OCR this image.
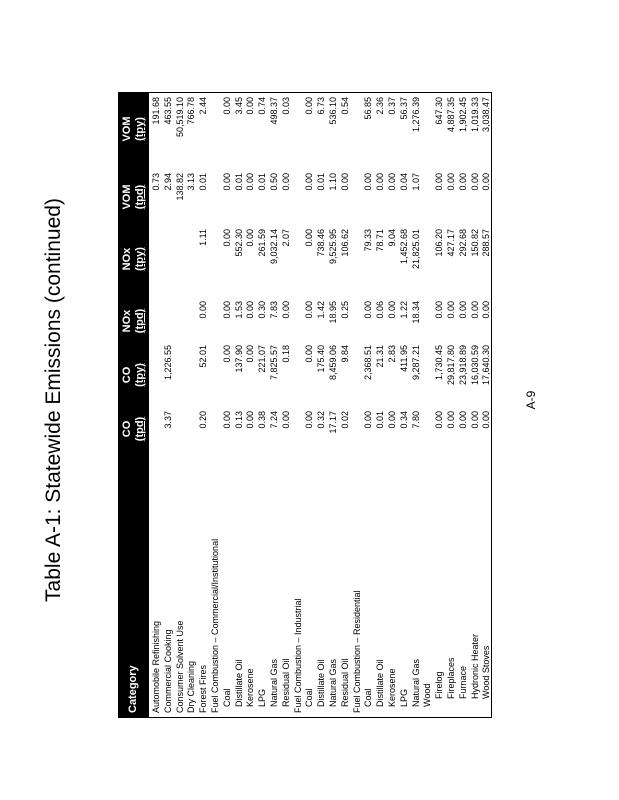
Table A-1: Statewide Emissions (continued)
Category
CO (tpd)
CO (tpy)
NOx (tpd)
NOx (tpy)
VOM (tpd)
VOM (tpy)
Automobile Refinishing
0.73
191.68
Commercial Cooking
3.37
1,226.55
2.94
463.55
Consumer Solvent Use
138.82
50,519.10
Dry Cleaning
3.13
766.78
Forest Fires
0.20
52.01
0.00
1.11
0.01
2.44
Fuel Combustion – Commercial/Institutional Coal
0.00
0.00
0.00
0.00
0.00
0.00
Distillate Oil
0.13
137.90
1.53
552.30
0.01
3.45
Kerosene
0.00
0.00
0.00
0.00
0.00
0.00
LPG
0.38
221.07
0.30
261.59
0.01
0.74
Natural Gas
7.24
7,825.57
7.83
9,032.14
0.50
498.37
Residual Oil
0.00
0.18
0.00
2.07
0.00
0.03
Fuel Combustion – Industrial Coal
0.00
0.00
0.00
0.00
0.00
0.00
Distillate Oil
0.32
175.40
1.42
738.46
0.01
6.73
Natural Gas
17.17
8,459.06
18.95
9,525.95
1.10
536.10
Residual Oil
0.02
9.84
0.25
106.62
0.00
0.54
Fuel Combustion – Residential Coal
0.00
2,368.51
0.00
79.33
0.00
56.85
Distillate Oil
0.01
21.31
0.06
78.71
0.00
2.36
Kerosene
0.00
2.83
0.00
9.04
0.00
0.37
LPG
0.34
411.95
1.22
1,452.68
0.04
56.37
Natural Gas
7.80
9,287.21
18.34
21,825.01
1.07
1,276.39
Wood Firelog
0.00
1,730.45
0.00
106.20
0.00
647.30
Fireplaces
0.00
29,817.80
0.00
427.17
0.00
4,887.35
Furnace
0.00
23,918.89
0.00
292.68
0.00
1,902.45
Hydronic Heater
0.00
16,030.59
0.00
150.82
0.00
1,019.33
Wood Stoves
0.00
17,640.30
0.00
288.57
0.00
3,038.47
A-9
